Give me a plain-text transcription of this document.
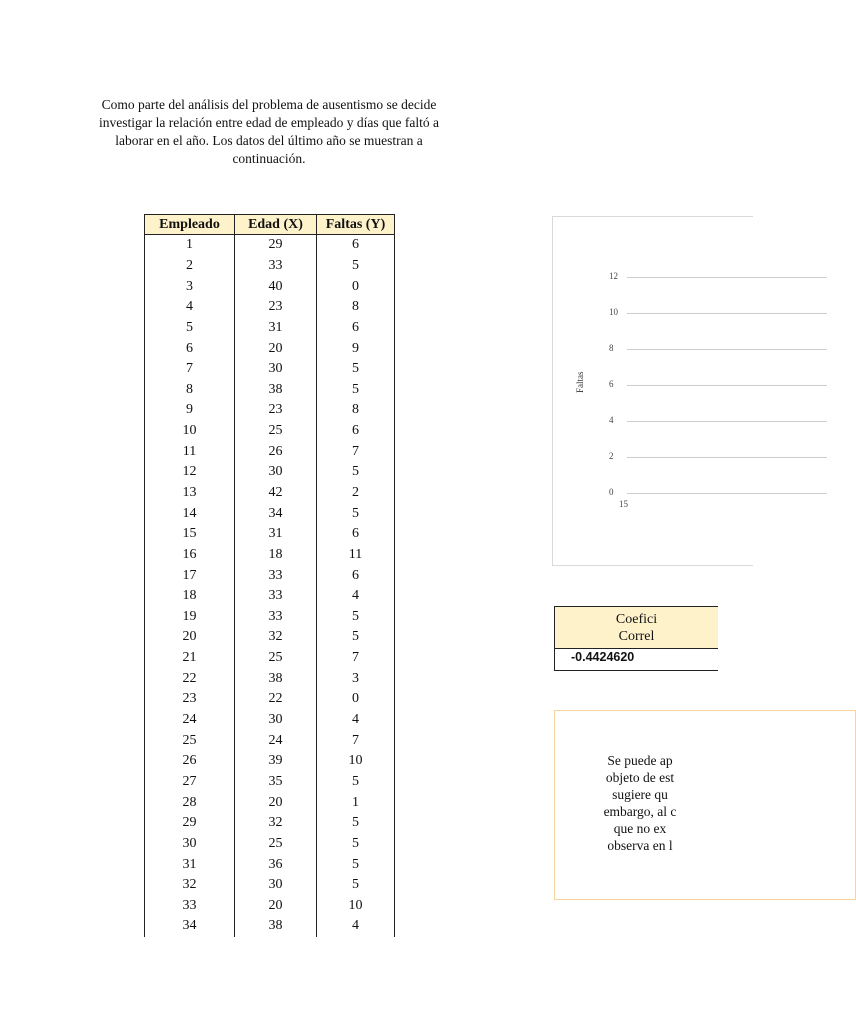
Como parte del análisis del problema de ausentismo se decide
investigar la relación entre edad de empleado y días que faltó a
laborar en el año. Los datos del último año se muestran a
continuación.
Empleado	Edad (X)	Faltas (Y)
1	29	6
2	33	5
3	40	0
4	23	8
5	31	6
6	20	9
7	30	5
8	38	5
9	23	8
10	25	6
11	26	7
12	30	5
13	42	2
14	34	5
15	31	6
16	18	11
17	33	6
18	33	4
19	33	5
20	32	5
21	25	7
22	38	3
23	22	0
24	30	4
25	24	7
26	39	10
27	35	5
28	20	1
29	32	5
30	25	5
31	36	5
32	30	5
33	20	10
34	38	4
Faltas
12
10
8
6
4
2
0
15
Coefici
Correl
-0.4424620
Se puede ap
objeto de est
sugiere qu
embargo, al c
que no ex
observa en l
